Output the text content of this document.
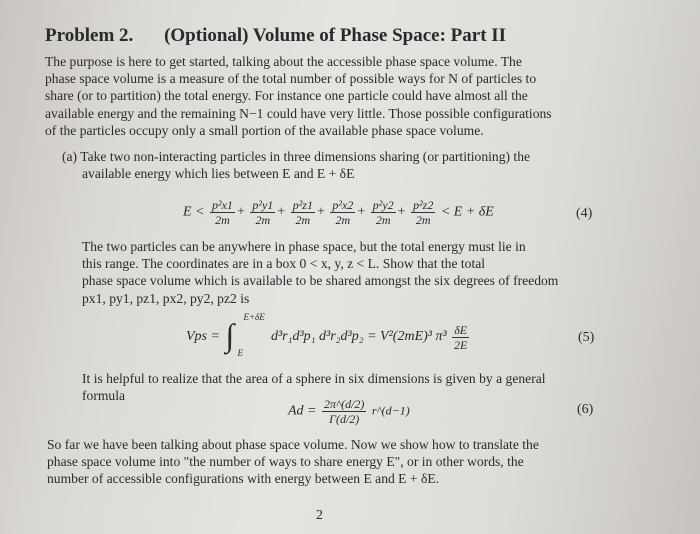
Problem 2. (Optional) Volume of Phase Space: Part II
The purpose is here to get started, talking about the accessible phase space volume. The
phase space volume is a measure of the total number of possible ways for N of particles to
share (or to partition) the total energy. For instance one particle could have almost all the
available energy and the remaining N−1 could have very little. Those possible configurations
of the particles occupy only a small portion of the available phase space volume.
(a) Take two non-interacting particles in three dimensions sharing (or partitioning) the
available energy which lies between E and E + δE
$E < \frac{\text{p²x1}}{2m} + \frac{\text{p²y1}}{2m} + \frac{\text{p²z1}}{2m} + \frac{\text{p²x2}}{2m} + \frac{\text{p²y2}}{2m} + \frac{\text{p²z2}}{2m} < E + \delta E$	(4)
The two particles can be anywhere in phase space, but the total energy must lie in
this range. The coordinates are in a box 0 < x, y, z < L. Show that the total
phase space volume which is available to be shared amongst the six degrees of freedom
px1, py1, pz1, px2, py2, pz2 is
Vps = ∫ E+δE
E
d³r₁d³p₁ d³r₂d³p₂ = V²(2mE)³ $\pi^3 \frac{\delta E}{2E}$	(5)
It is helpful to realize that the area of a sphere in six dimensions is given by a general
formula
$Ad = \frac{2\pi\^{}(d/2)}{\Gamma(d/2)}$ r^(d−1)	(6)
So far we have been talking about phase space volume. Now we show how to translate the
phase space volume into "the number of ways to share energy E", or in other words, the
number of accessible configurations with energy between E and E + δE.
2
